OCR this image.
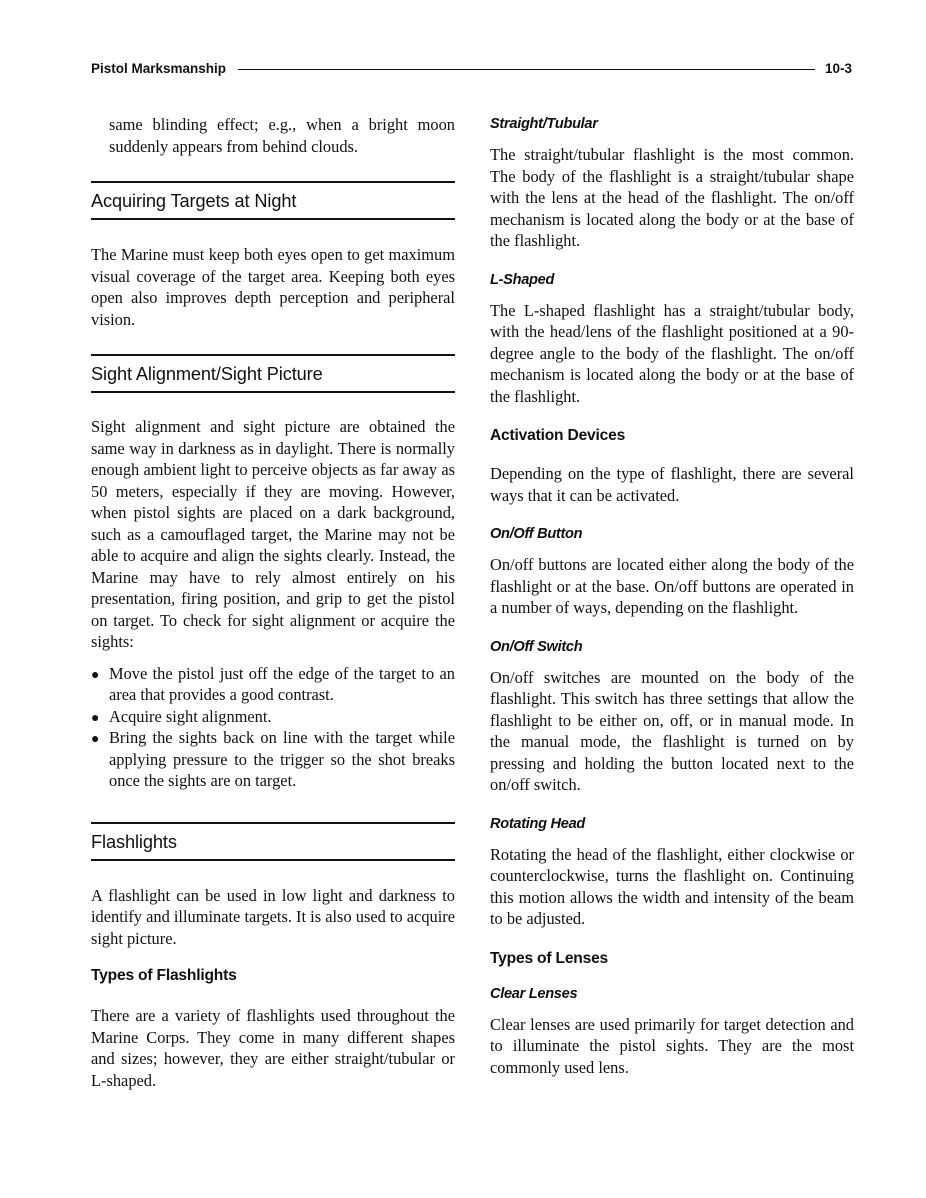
Pistol Marksmanship	10-3

same blinding effect; e.g., when a bright moon suddenly appears from behind clouds.

Acquiring Targets at Night

The Marine must keep both eyes open to get maximum visual coverage of the target area. Keeping both eyes open also improves depth perception and peripheral vision.

Sight Alignment/Sight Picture

Sight alignment and sight picture are obtained the same way in darkness as in daylight. There is normally enough ambient light to perceive objects as far away as 50 meters, especially if they are moving. However, when pistol sights are placed on a dark background, such as a camouflaged target, the Marine may not be able to acquire and align the sights clearly. Instead, the Marine may have to rely almost entirely on his presentation, firing position, and grip to get the pistol on target. To check for sight alignment or acquire the sights:

● Move the pistol just off the edge of the target to an area that provides a good contrast.
● Acquire sight alignment.
● Bring the sights back on line with the target while applying pressure to the trigger so the shot breaks once the sights are on target.
Flashlights

A flashlight can be used in low light and darkness to identify and illuminate targets. It is also used to acquire sight picture.

Types of Flashlights

There are a variety of flashlights used throughout the Marine Corps. They come in many different shapes and sizes; however, they are either straight/tubular or L-shaped.

Straight/Tubular

The straight/tubular flashlight is the most common. The body of the flashlight is a straight/tubular shape with the lens at the head of the flashlight. The on/off mechanism is located along the body or at the base of the flashlight.

L-Shaped

The L-shaped flashlight has a straight/tubular body, with the head/lens of the flashlight positioned at a 90-degree angle to the body of the flashlight. The on/off mechanism is located along the body or at the base of the flashlight.

Activation Devices

Depending on the type of flashlight, there are several ways that it can be activated.

On/Off Button

On/off buttons are located either along the body of the flashlight or at the base. On/off buttons are operated in a number of ways, depending on the flashlight.

On/Off Switch

On/off switches are mounted on the body of the flashlight. This switch has three settings that allow the flashlight to be either on, off, or in manual mode. In the manual mode, the flashlight is turned on by pressing and holding the button located next to the on/off switch.

Rotating Head

Rotating the head of the flashlight, either clockwise or counterclockwise, turns the flashlight on. Continuing this motion allows the width and intensity of the beam to be adjusted.

Types of Lenses
Clear Lenses

Clear lenses are used primarily for target detection and to illuminate the pistol sights. They are the most commonly used lens.
